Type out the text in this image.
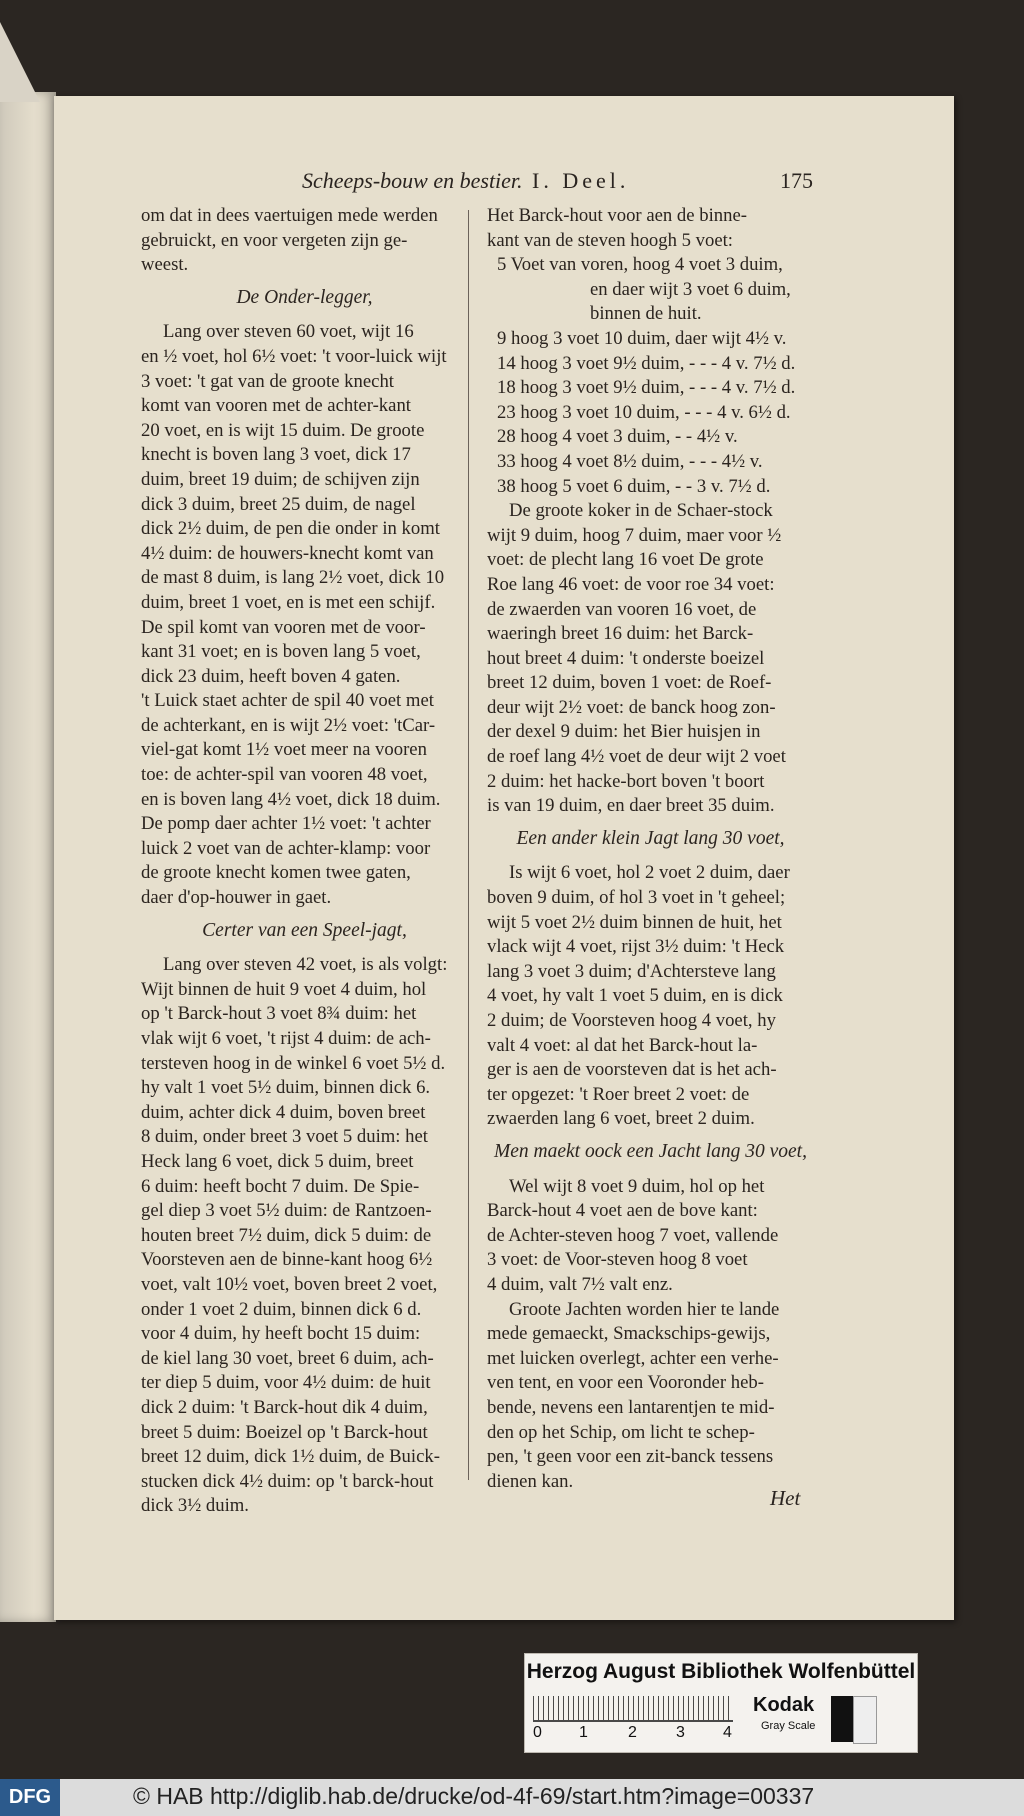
Scheeps-bouw en bestier. I. Deel.	175

om dat in dees vaertuigen mede werden
gebruickt, en voor vergeten zijn ge-
weest.

De Onder-legger,

Lang over steven 60 voet, wijt 16
en ½ voet, hol 6½ voet: 't voor-luick wijt
3 voet: 't gat van de groote knecht
komt van vooren met de achter-kant
20 voet, en is wijt 15 duim. De groote
knecht is boven lang 3 voet, dick 17
duim, breet 19 duim; de schijven zijn
dick 3 duim, breet 25 duim, de nagel
dick 2½ duim, de pen die onder in komt
4½ duim: de houwers-knecht komt van
de mast 8 duim, is lang 2½ voet, dick 10
duim, breet 1 voet, en is met een schijf.
De spil komt van vooren met de voor-
kant 31 voet; en is boven lang 5 voet,
dick 23 duim, heeft boven 4 gaten.
't Luick staet achter de spil 40 voet met
de achterkant, en is wijt 2½ voet: 'tCar-
viel-gat komt 1½ voet meer na vooren
toe: de achter-spil van vooren 48 voet,
en is boven lang 4½ voet, dick 18 duim.
De pomp daer achter 1½ voet: 't achter
luick 2 voet van de achter-klamp: voor
de groote knecht komen twee gaten,
daer d'op-houwer in gaet.

Certer van een Speel-jagt,

Lang over steven 42 voet, is als volgt:
Wijt binnen de huit 9 voet 4 duim, hol
op 't Barck-hout 3 voet 8¾ duim: het
vlak wijt 6 voet, 't rijst 4 duim: de ach-
tersteven hoog in de winkel 6 voet 5½ d.
hy valt 1 voet 5½ duim, binnen dick 6.
duim, achter dick 4 duim, boven breet
8 duim, onder breet 3 voet 5 duim: het
Heck lang 6 voet, dick 5 duim, breet
6 duim: heeft bocht 7 duim. De Spie-
gel diep 3 voet 5½ duim: de Rantzoen-
houten breet 7½ duim, dick 5 duim: de
Voorsteven aen de binne-kant hoog 6½
voet, valt 10½ voet, boven breet 2 voet,
onder 1 voet 2 duim, binnen dick 6 d.
voor 4 duim, hy heeft bocht 15 duim:
de kiel lang 30 voet, breet 6 duim, ach-
ter diep 5 duim, voor 4½ duim: de huit
dick 2 duim: 't Barck-hout dik 4 duim,
breet 5 duim: Boeizel op 't Barck-hout
breet 12 duim, dick 1½ duim, de Buick-
stucken dick 4½ duim: op 't barck-hout
dick 3½ duim.

Het Barck-hout voor aen de binne-
kant van de steven hoogh 5 voet:

5 Voet van voren, hoog 4 voet 3 duim,
en daer wijt 3 voet 6 duim,
binnen de huit.
9 hoog 3 voet 10 duim, daer wijt 4½ v.
14 hoog 3 voet 9½ duim, - - - 4 v. 7½ d.
18 hoog 3 voet 9½ duim, - - - 4 v. 7½ d.
23 hoog 3 voet 10 duim, - - - 4 v. 6½ d.
28 hoog 4 voet 3 duim, - - 4½ v.
33 hoog 4 voet 8½ duim, - - - 4½ v.
38 hoog 5 voet 6 duim, - - 3 v. 7½ d.

De groote koker in de Schaer-stock
wijt 9 duim, hoog 7 duim, maer voor ½
voet: de plecht lang 16 voet De grote
Roe lang 46 voet: de voor roe 34 voet:
de zwaerden van vooren 16 voet, de
waeringh breet 16 duim: het Barck-
hout breet 4 duim: 't onderste boeizel
breet 12 duim, boven 1 voet: de Roef-
deur wijt 2½ voet: de banck hoog zon-
der dexel 9 duim: het Bier huisjen in
de roef lang 4½ voet de deur wijt 2 voet
2 duim: het hacke-bort boven 't boort
is van 19 duim, en daer breet 35 duim.

Een ander klein Jagt lang 30 voet,

Is wijt 6 voet, hol 2 voet 2 duim, daer
boven 9 duim, of hol 3 voet in 't geheel;
wijt 5 voet 2½ duim binnen de huit, het
vlack wijt 4 voet, rijst 3½ duim: 't Heck
lang 3 voet 3 duim; d'Achtersteve lang
4 voet, hy valt 1 voet 5 duim, en is dick
2 duim; de Voorsteven hoog 4 voet, hy
valt 4 voet: al dat het Barck-hout la-
ger is aen de voorsteven dat is het ach-
ter opgezet: 't Roer breet 2 voet: de
zwaerden lang 6 voet, breet 2 duim.

Men maekt oock een Jacht lang 30 voet,

Wel wijt 8 voet 9 duim, hol op het
Barck-hout 4 voet aen de bove kant:
de Achter-steven hoog 7 voet, vallende
3 voet: de Voor-steven hoog 8 voet
4 duim, valt 7½ valt enz.

Groote Jachten worden hier te lande
mede gemaeckt, Smackschips-gewijs,
met luicken overlegt, achter een verhe-
ven tent, en voor een Vooronder heb-
bende, nevens een lantarentjen te mid-
den op het Schip, om licht te schep-
pen, 't geen voor een zit-banck tessens
dienen kan.

Het
Herzog August Bibliothek Wolfenbüttel
0 1	2 3 4
Kodak
Gray Scale
DFG	© HAB http://diglib.hab.de/drucke/od-4f-69/start.htm?image=00337
